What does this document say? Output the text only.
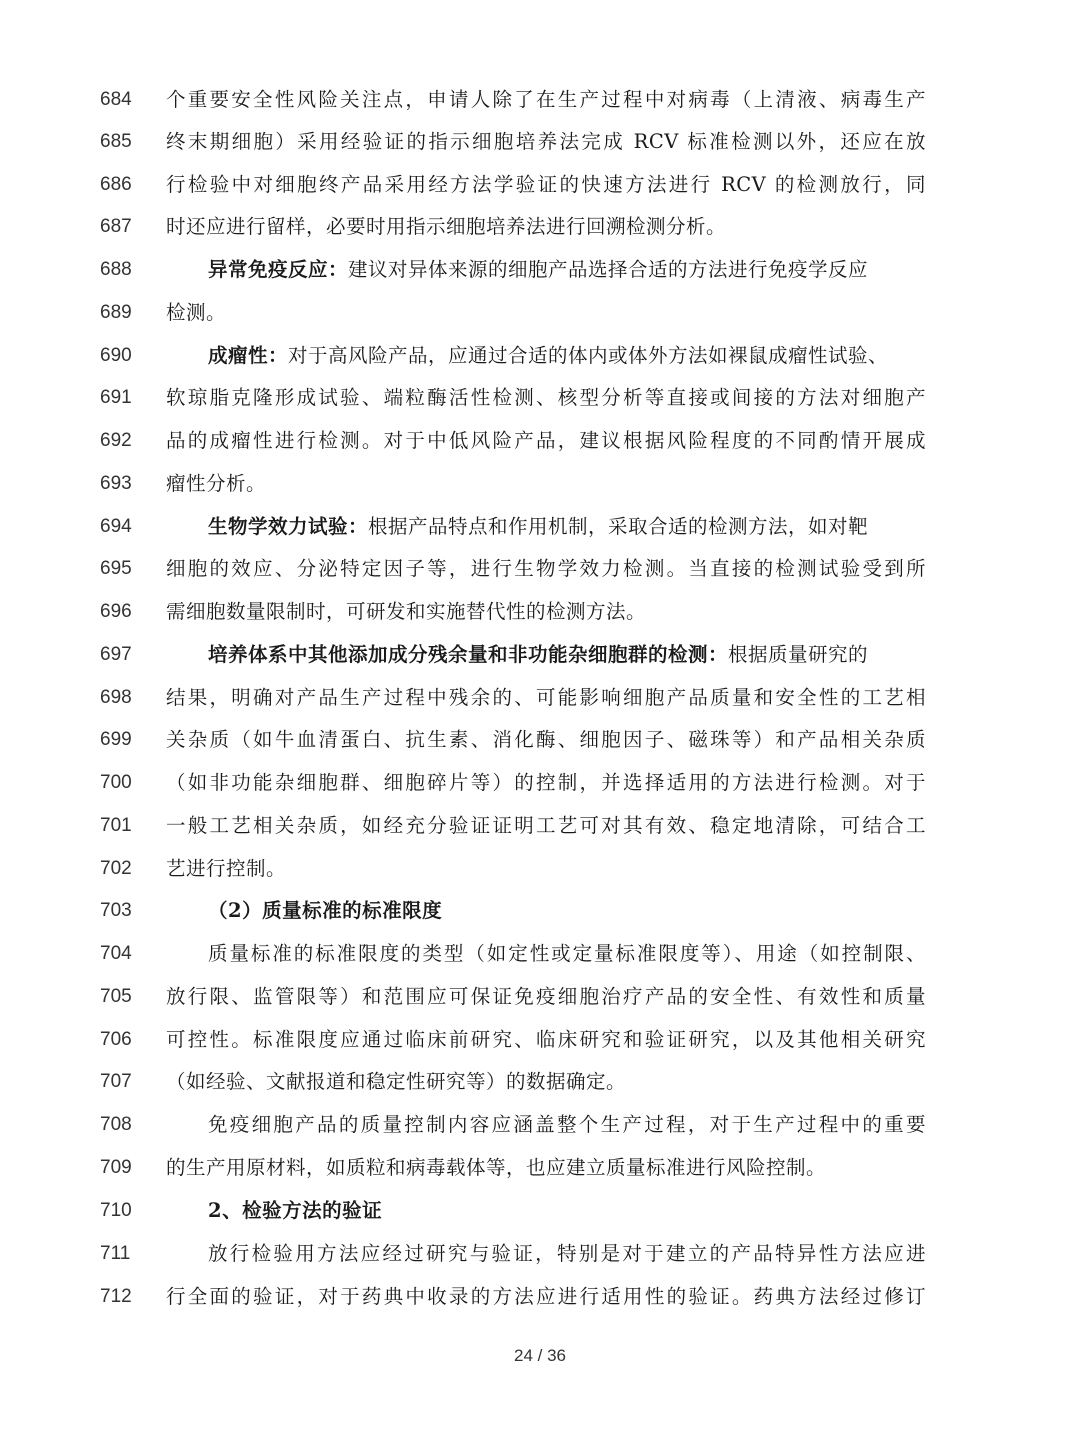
684	个重要安全性风险关注点，申请人除了在生产过程中对病毒（上清液、病毒生产
685	终末期细胞）采用经验证的指示细胞培养法完成 RCV 标准检测以外，还应在放
686	行检验中对细胞终产品采用经方法学验证的快速方法进行 RCV 的检测放行，同
687	时还应进行留样，必要时用指示细胞培养法进行回溯检测分析。
688	异常免疫反应：建议对异体来源的细胞产品选择合适的方法进行免疫学反应
689	检测。
690	成瘤性：对于高风险产品，应通过合适的体内或体外方法如裸鼠成瘤性试验、
691	软琼脂克隆形成试验、端粒酶活性检测、核型分析等直接或间接的方法对细胞产
692	品的成瘤性进行检测。对于中低风险产品，建议根据风险程度的不同酌情开展成
693	瘤性分析。
694	生物学效力试验：根据产品特点和作用机制，采取合适的检测方法，如对靶
695	细胞的效应、分泌特定因子等，进行生物学效力检测。当直接的检测试验受到所
696	需细胞数量限制时，可研发和实施替代性的检测方法。
697	培养体系中其他添加成分残余量和非功能杂细胞群的检测：根据质量研究的
698	结果，明确对产品生产过程中残余的、可能影响细胞产品质量和安全性的工艺相
699	关杂质（如牛血清蛋白、抗生素、消化酶、细胞因子、磁珠等）和产品相关杂质
700	（如非功能杂细胞群、细胞碎片等）的控制，并选择适用的方法进行检测。对于
701	一般工艺相关杂质，如经充分验证证明工艺可对其有效、稳定地清除，可结合工
702	艺进行控制。
703	（2）质量标准的标准限度
704	质量标准的标准限度的类型（如定性或定量标准限度等）、用途（如控制限、
705	放行限、监管限等）和范围应可保证免疫细胞治疗产品的安全性、有效性和质量
706	可控性。标准限度应通过临床前研究、临床研究和验证研究，以及其他相关研究
707	（如经验、文献报道和稳定性研究等）的数据确定。
708	免疫细胞产品的质量控制内容应涵盖整个生产过程，对于生产过程中的重要
709	的生产用原材料，如质粒和病毒载体等，也应建立质量标准进行风险控制。
710	2、检验方法的验证
711	放行检验用方法应经过研究与验证，特别是对于建立的产品特异性方法应进
712	行全面的验证，对于药典中收录的方法应进行适用性的验证。药典方法经过修订
24 / 36
